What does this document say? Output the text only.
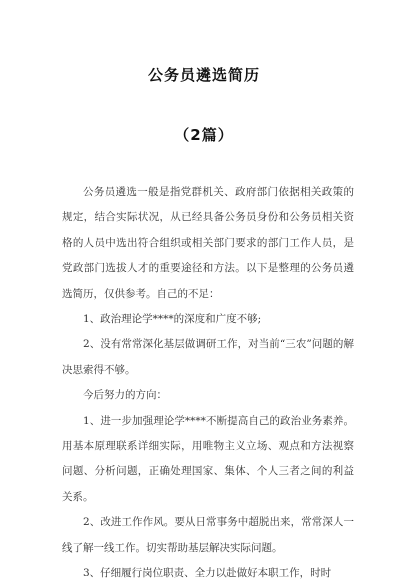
公务员遴选简历
（2篇）

公务员遴选一般是指党群机关、政府部门依据相关政策的规定，结合实际状况，从已经具备公务员身份和公务员相关资格的人员中选出符合组织或相关部门要求的部门工作人员，是党政部门选拔人才的重要途径和方法。以下是整理的公务员遴选简历，仅供参考。自己的不足：

1、政治理论学****的深度和广度不够;

2、没有常常深化基层做调研工作，对当前“三农”问题的解决思索得不够。

今后努力的方向：

1、进一步加强理论学****不断提高自己的政治业务素养。用基本原理联系详细实际，用唯物主义立场、观点和方法视察问题、分析问题，正确处理国家、集体、个人三者之间的利益关系。

2、改进工作作风。要从日常事务中超脱出来，常常深人一线了解一线工作。切实帮助基层解决实际问题。

3、仔细履行岗位职责、全力以赴做好本职工作，时时
